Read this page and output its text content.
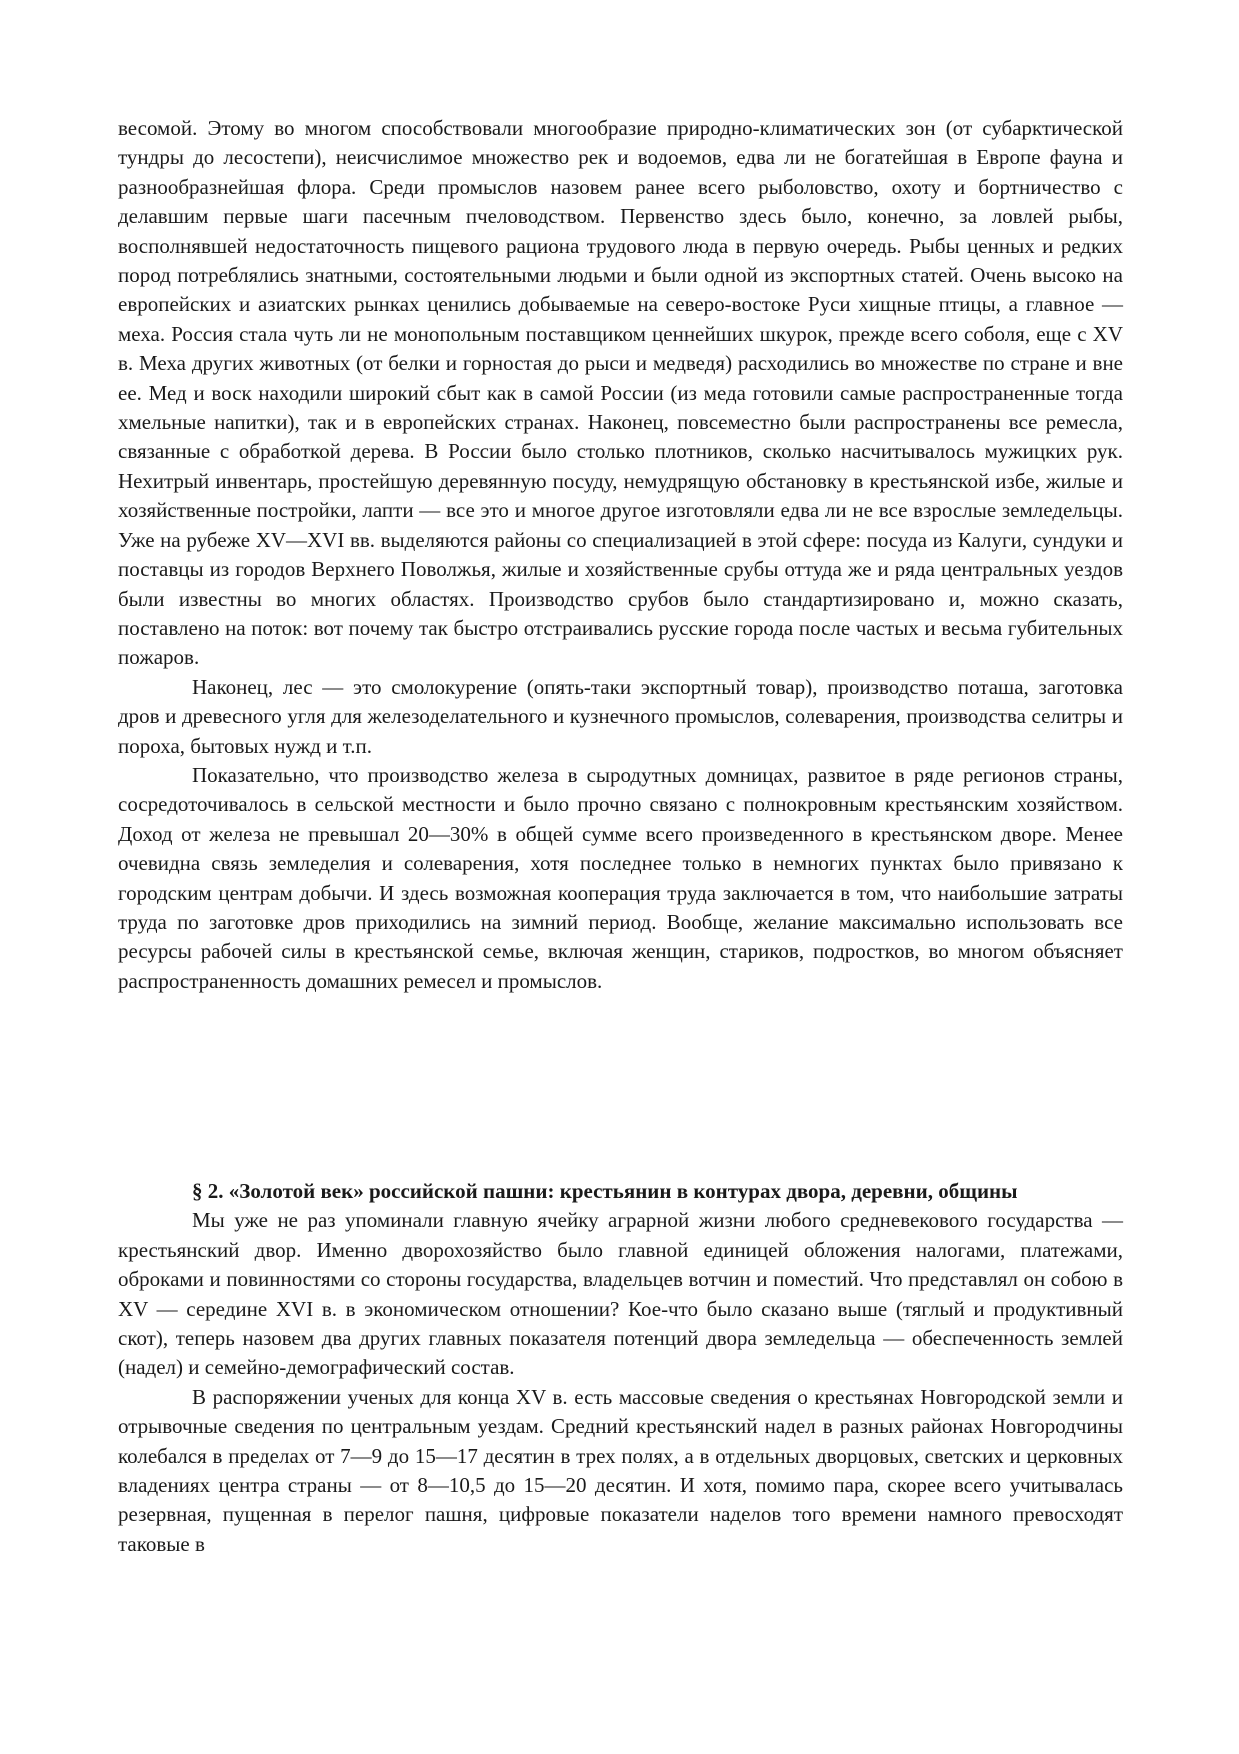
весомой. Этому во многом способствовали многообразие природно-климатических зон (от субарктической тундры до лесостепи), неисчислимое множество рек и водоемов, едва ли не богатейшая в Европе фауна и разнообразнейшая флора. Среди промыслов назовем ранее всего рыболовство, охоту и бортничество с делавшим первые шаги пасечным пчеловодством. Первенство здесь было, конечно, за ловлей рыбы, восполнявшей недостаточность пищевого рациона трудового люда в первую очередь. Рыбы ценных и редких пород потреблялись знатными, состоятельными людьми и были одной из экспортных статей. Очень высоко на европейских и азиатских рынках ценились добываемые на северо-востоке Руси хищные птицы, а главное — меха. Россия стала чуть ли не монопольным поставщиком ценнейших шкурок, прежде всего соболя, еще с XV в. Меха других животных (от белки и горностая до рыси и медведя) расходились во множестве по стране и вне ее. Мед и воск находили широкий сбыт как в самой России (из меда готовили самые распространенные тогда хмельные напитки), так и в европейских странах. Наконец, повсеместно были распространены все ремесла, связанные с обработкой дерева. В России было столько плотников, сколько насчитывалось мужицких рук. Нехитрый инвентарь, простейшую деревянную посуду, немудрящую обстановку в крестьянской избе, жилые и хозяйственные постройки, лапти — все это и многое другое изготовляли едва ли не все взрослые земледельцы. Уже на рубеже XV—XVI вв. выделяются районы со специализацией в этой сфере: посуда из Калуги, сундуки и поставцы из городов Верхнего Поволжья, жилые и хозяйственные срубы оттуда же и ряда центральных уездов были известны во многих областях. Производство срубов было стандартизировано и, можно сказать, поставлено на поток: вот почему так быстро отстраивались русские города после частых и весьма губительных пожаров.

Наконец, лес — это смолокурение (опять-таки экспортный товар), производство поташа, заготовка дров и древесного угля для железоделательного и кузнечного промыслов, солеварения, производства селитры и пороха, бытовых нужд и т.п.

Показательно, что производство железа в сыродутных домницах, развитое в ряде регионов страны, сосредоточивалось в сельской местности и было прочно связано с полнокровным крестьянским хозяйством. Доход от железа не превышал 20—30% в общей сумме всего произведенного в крестьянском дворе. Менее очевидна связь земледелия и солеварения, хотя последнее только в немногих пунктах было привязано к городским центрам добычи. И здесь возможная кооперация труда заключается в том, что наибольшие затраты труда по заготовке дров приходились на зимний период. Вообще, желание максимально использовать все ресурсы рабочей силы в крестьянской семье, включая женщин, стариков, подростков, во многом объясняет распространенность домашних ремесел и промыслов.

§ 2. «Золотой век» российской пашни: крестьянин в контурах двора, деревни, общины

Мы уже не раз упоминали главную ячейку аграрной жизни любого средневекового государства — крестьянский двор. Именно дворохозяйство было главной единицей обложения налогами, платежами, оброками и повинностями со стороны государства, владельцев вотчин и поместий. Что представлял он собою в XV — середине XVI в. в экономическом отношении? Кое-что было сказано выше (тяглый и продуктивный скот), теперь назовем два других главных показателя потенций двора земледельца — обеспеченность землей (надел) и семейно-демографический состав.

В распоряжении ученых для конца XV в. есть массовые сведения о крестьянах Новгородской земли и отрывочные сведения по центральным уездам. Средний крестьянский надел в разных районах Новгородчины колебался в пределах от 7—9 до 15—17 десятин в трех полях, а в отдельных дворцовых, светских и церковных владениях центра страны — от 8—10,5 до 15—20 десятин. И хотя, помимо пара, скорее всего учитывалась резервная, пущенная в перелог пашня, цифровые показатели наделов того времени намного превосходят таковые в
